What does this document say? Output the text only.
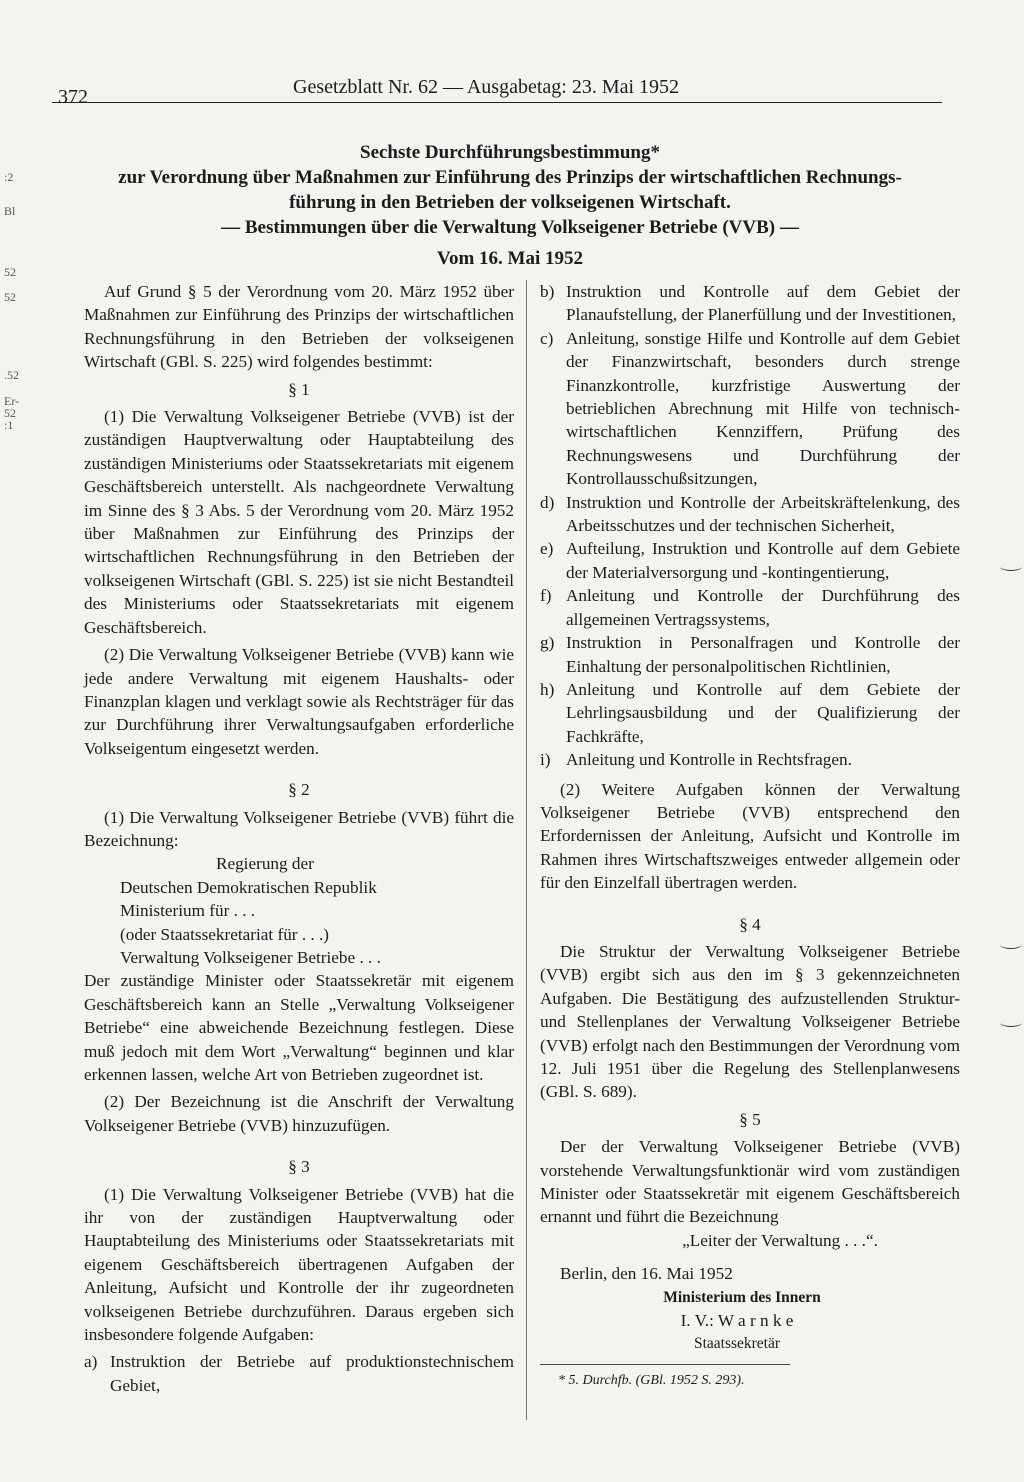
372	Gesetzblatt Nr. 62 — Ausgabetag: 23. Mai 1952
:2
Bl
52
52
.52
Er-
52
:1

Sechste Durchführungsbestimmung*

zur Verordnung über Maßnahmen zur Einführung des Prinzips der wirtschaftlichen Rechnungs-

führung in den Betrieben der volkseigenen Wirtschaft.

— Bestimmungen über die Verwaltung Volkseigener Betriebe (VVB) —

Vom 16. Mai 1952

Auf Grund § 5 der Verordnung vom 20. März 1952 über Maßnahmen zur Einführung des Prinzips der wirtschaftlichen Rechnungsführung in den Betrieben der volkseigenen Wirtschaft (GBl. S. 225) wird folgendes bestimmt:

§ 1

(1) Die Verwaltung Volkseigener Betriebe (VVB) ist der zuständigen Hauptverwaltung oder Hauptabteilung des zuständigen Ministeriums oder Staatssekretariats mit eigenem Geschäftsbereich unterstellt. Als nachgeordnete Verwaltung im Sinne des § 3 Abs. 5 der Verordnung vom 20. März 1952 über Maßnahmen zur Einführung des Prinzips der wirtschaftlichen Rechnungsführung in den Betrieben der volkseigenen Wirtschaft (GBl. S. 225) ist sie nicht Bestandteil des Ministeriums oder Staatssekretariats mit eigenem Geschäftsbereich.

(2) Die Verwaltung Volkseigener Betriebe (VVB) kann wie jede andere Verwaltung mit eigenem Haushalts- oder Finanzplan klagen und verklagt sowie als Rechtsträger für das zur Durchführung ihrer Verwaltungsaufgaben erforderliche Volkseigentum eingesetzt werden.

§ 2

(1) Die Verwaltung Volkseigener Betriebe (VVB) führt die Bezeichnung:

Regierung der
Deutschen Demokratischen Republik
Ministerium für . . .
(oder Staatssekretariat für . . .)
Verwaltung Volkseigener Betriebe . . .

Der zuständige Minister oder Staatssekretär mit eigenem Geschäftsbereich kann an Stelle „Verwaltung Volkseigener Betriebe“ eine abweichende Bezeichnung festlegen. Diese muß jedoch mit dem Wort „Verwaltung“ beginnen und klar erkennen lassen, welche Art von Betrieben zugeordnet ist.

(2) Der Bezeichnung ist die Anschrift der Verwaltung Volkseigener Betriebe (VVB) hinzuzufügen.

§ 3

(1) Die Verwaltung Volkseigener Betriebe (VVB) hat die ihr von der zuständigen Hauptverwaltung oder Hauptabteilung des Ministeriums oder Staatssekretariats mit eigenem Geschäftsbereich übertragenen Aufgaben der Anleitung, Aufsicht und Kontrolle der ihr zugeordneten volkseigenen Betriebe durchzuführen. Daraus ergeben sich insbesondere folgende Aufgaben:

a) Instruktion der Betriebe auf produktionstechnischem Gebiet,
b) Instruktion und Kontrolle auf dem Gebiet der Planaufstellung, der Planerfüllung und der Investitionen,
c) Anleitung, sonstige Hilfe und Kontrolle auf dem Gebiet der Finanzwirtschaft, besonders durch strenge Finanzkontrolle, kurzfristige Auswertung der betrieblichen Abrechnung mit Hilfe von technisch-wirtschaftlichen Kennziffern, Prüfung des Rechnungswesens und Durchführung der Kontrollausschußsitzungen,
d) Instruktion und Kontrolle der Arbeitskräftelenkung, des Arbeitsschutzes und der technischen Sicherheit,
e) Aufteilung, Instruktion und Kontrolle auf dem Gebiete der Materialversorgung und -kontingentierung,
f) Anleitung und Kontrolle der Durchführung des allgemeinen Vertragssystems,
g) Instruktion in Personalfragen und Kontrolle der Einhaltung der personalpolitischen Richtlinien,
h) Anleitung und Kontrolle auf dem Gebiete der Lehrlingsausbildung und der Qualifizierung der Fachkräfte,
i) Anleitung und Kontrolle in Rechtsfragen.

(2) Weitere Aufgaben können der Verwaltung Volkseigener Betriebe (VVB) entsprechend den Erfordernissen der Anleitung, Aufsicht und Kontrolle im Rahmen ihres Wirtschaftszweiges entweder allgemein oder für den Einzelfall übertragen werden.

§ 4

Die Struktur der Verwaltung Volkseigener Betriebe (VVB) ergibt sich aus den im § 3 gekennzeichneten Aufgaben. Die Bestätigung des aufzustellenden Struktur- und Stellenplanes der Verwaltung Volkseigener Betriebe (VVB) erfolgt nach den Bestimmungen der Verordnung vom 12. Juli 1951 über die Regelung des Stellenplanwesens (GBl. S. 689).

§ 5

Der der Verwaltung Volkseigener Betriebe (VVB) vorstehende Verwaltungsfunktionär wird vom zuständigen Minister oder Staatssekretär mit eigenem Geschäftsbereich ernannt und führt die Bezeichnung

„Leiter der Verwaltung . . .“.

Berlin, den 16. Mai 1952

Ministerium des Innern
I. V.: W a r n k e
Staatssekretär
* 5. Durchfb. (GBl. 1952 S. 293).
